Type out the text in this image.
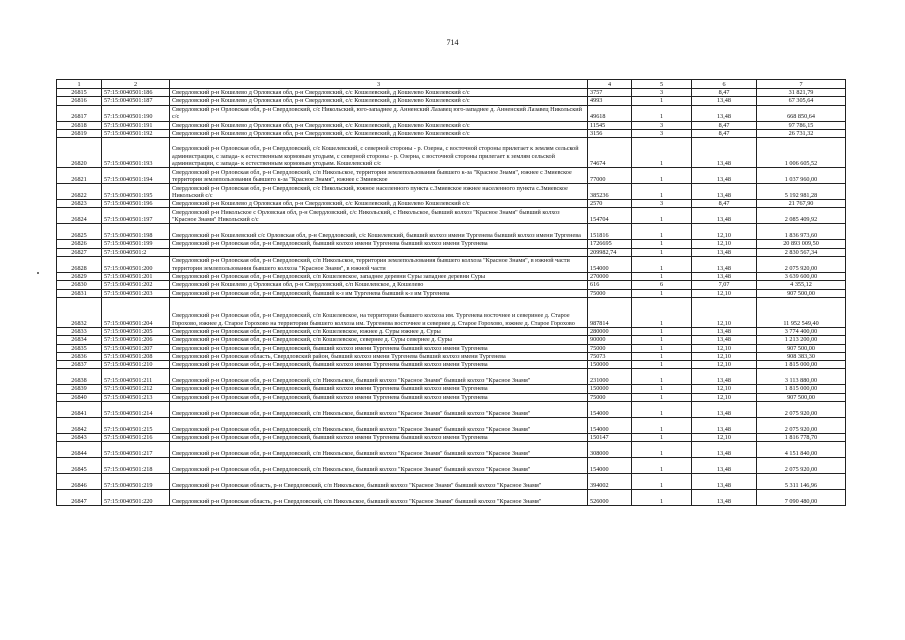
714
1	2	3	4	5	6	7
26815	57:15:0040501:186	Свердловский р-н Кошелево д Орловская обл, р-н Свердловский, с/с Кошелевский, д Кошелево Кошелевский с/с	3757	3	8,47	31 821,79
26816	57:15:0040501:187	Свердловский р-н Кошелево д Орловская обл, р-н Свердловский, с/с Кошелевский, д Кошелево Кошелевский с/с	4993	1	13,48	67 305,64
26817	57:15:0040501:190	Свердловский р-н Орловская обл, р-н Свердловский, с/с Никольский, юго-западнее д. Анненский Лазавец юго-западнее д. Анненский Лазавец Никольский с/с	49618	1	13,48	668 850,64
26818	57:15:0040501:191	Свердловский р-н Кошелево д Орловская обл, р-н Свердловский, с/с Кошелевский, д Кошелево Кошелевский с/с	11545	3	8,47	97 786,15
26819	57:15:0040501:192	Свердловский р-н Кошелево д Орловская обл, р-н Свердловский, с/с Кошелевский, д Кошелево Кошелевский с/с	3156	3	8,47	26 731,32
26820	57:15:0040501:193	Свердловский р-н Орловская обл, р-н Свердловский, с/с Кошелевский, с северной стороны - р. Озерна, с восточной стороны прилегает к землям сельской администрации, с запада- к естественным кормовым угодьям, с северной стороны - р. Озерна, с восточной стороны прилегает к землям сельской администрации, с запада- к естественным кормовым угодьям. Кошелевский с/с	74674	1	13,48	1 006 605,52
26821	57:15:0040501:194	Свердловский р-н Орловская обл, р-н Свердловский, с/п Никольское, территория землепользования бывшего к-за "Красное Знамя", южнее с Змиевское территория землепользования бывшего к-за "Красное Знамя", южнее с Змиевское	77000	1	13,48	1 037 960,00
26822	57:15:0040501:195	Свердловский р-н Орловская обл, р-н Свердловский, с/с Никольский, южное населенного пункта с.Змиевское южнее населенного пункта с.Змиевское Никольский с/с	385236	1	13,48	5 192 981,28
26823	57:15:0040501:196	Свердловский р-н Кошелево д Орловская обл, р-н Свердловский, с/с Кошелевский, д Кошелево Кошелевский с/с	2570	3	8,47	21 767,90
26824	57:15:0040501:197	Свердловский р-н Никольское с Орловская обл, р-н Свердловский, с/с Никольский, с Никольское, бывший колхоз "Красное Знамя" бывший колхоз "Красное Знамя" Никольский с/с	154704	1	13,48	2 085 409,92
26825	57:15:0040501:198	Свердловский р-н Кошелевский с/с Орловская обл, р-н Свердловский, с/с Кошелевский, бывший колхоз имени Тургенева бывший колхоз имени Тургенева	151816	1	12,10	1 836 973,60
26826	57:15:0040501:199	Свердловский р-н Орловская обл, р-н Свердловский, бывший колхоз имени Тургенева бывший колхоз имени Тургенева	1726695	1	12,10	20 893 009,50
26827	57:15:0040501:2		209982,74	1	13,48	2 830 567,34
26828	57:15:0040501:200	Свердловский р-н Орловская обл, р-н Свердловский, с/п Никольское, территория землепользования бывшего колхоза "Красное Знамя", в южной части территория землепользования бывшего колхоза "Красное Знамя", в южной части	154000	1	13,48	2 075 920,00
26829	57:15:0040501:201	Свердловский р-н Орловская обл, р-н Свердловский, с/п Кошелевское, западнее деревни Суры западнее деревни Суры	270000	1	13,48	3 639 600,00
26830	57:15:0040501:202	Свердловский р-н Кошелево д Орловская обл, р-н Свердловский, с/п Кошелевское, д Кошелево	616	6	7,07	4 355,12
26831	57:15:0040501:203	Свердловский р-н Орловская обл, р-н Свердловский, бывший к-з им Тургенева бывший к-з им Тургенева	75000	1	12,10	907 500,00
26832	57:15:0040501:204	Свердловский р-н Орловская обл, р-н Свердловский, с/п Кошелевское, на территории бывшего колхоза им. Тургенева восточнее и северинее д. Старое Горохово, южнее д. Старое Горохово на территории бывшего колхоза им. Тургенева восточнее и севернее д. Старое Горохово, южнее д. Старое Горохово	987814	1	12,10	11 952 549,40
26833	57:15:0040501:205	Свердловский р-н Орловская обл, р-н Свердловский, с/п Кошелевское, южнее д. Суры южнее д. Суры	280000	1	13,48	3 774 400,00
26834	57:15:0040501:206	Свердловский р-н Орловская обл, р-н Свердловский, с/п Кошелевское, севернее д. Суры севернее д. Суры	90000	1	13,48	1 213 200,00
26835	57:15:0040501:207	Свердловский р-н Орловская обл, р-н Свердловский, бывший колхоз имени Тургенева бывший колхоз имени Тургенева	75000	1	12,10	907 500,00
26836	57:15:0040501:208	Свердловский р-н Орловская область, Свердловский район, бывший колхоз имени Тургенева бывший колхоз имени Тургенева	75073	1	12,10	908 383,30
26837	57:15:0040501:210	Свердловский р-н Орловская обл, р-н Свердловский, бывший колхоз имени Тургенева бывший колхоз имени Тургенева	150000	1	12,10	1 815 000,00
26838	57:15:0040501:211	Свердловский р-н Орловская обл, р-н Свердловский, с/п Никольское, бывший колхоз "Красное Знамя" бывший колхоз "Красное Знамя"	231000	1	13,48	3 113 880,00
26839	57:15:0040501:212	Свердловский р-н Орловская обл, р-н Свердловский, бывший колхоз имени Тургенева бывший колхоз имени Тургенева	150000	1	12,10	1 815 000,00
26840	57:15:0040501:213	Свердловский р-н Орловская обл, р-н Свердловский, бывший колхоз имени Тургенева бывший колхоз имени Тургенева	75000	1	12,10	907 500,00
26841	57:15:0040501:214	Свердловский р-н Орловская обл, р-н Свердловский, с/п Никольское, бывший колхоз "Красное Знамя" бывший колхоз "Красное Знамя"	154000	1	13,48	2 075 920,00
26842	57:15:0040501:215	Свердловский р-н Орловская обл, р-н Свердловский, с/п Никольское, бывший колхоз "Красное Знамя" бывший колхоз "Красное Знамя"	154000	1	13,48	2 075 920,00
26843	57:15:0040501:216	Свердловский р-н Орловская обл, р-н Свердловский, бывший колхоз имени Тургенева бывший колхоз имени Тургенева	150147	1	12,10	1 816 778,70
26844	57:15:0040501:217	Свердловский р-н Орловская обл, р-н Свердловский, с/п Никольское, бывший колхоз "Красное Знамя" бывший колхоз "Красное Знамя"	308000	1	13,48	4 151 840,00
26845	57:15:0040501:218	Свердловский р-н Орловская обл, р-н Свердловский, с/п Никольское, бывший колхоз "Красное Знамя" бывший колхоз "Красное Знамя"	154000	1	13,48	2 075 920,00
26846	57:15:0040501:219	Свердловский р-н Орловская область, р-н Свердловский, с/п Никольское, бывший колхоз "Красное Знамя" бывший колхоз "Красное Знамя"	394002	1	13,48	5 311 146,96
26847	57:15:0040501:220	Свердловский р-н Орловская область, р-н Свердловский, с/п Никольское, бывший колхоз "Красное Знамя" бывший колхоз "Красное Знамя"	526000	1	13,48	7 090 480,00
